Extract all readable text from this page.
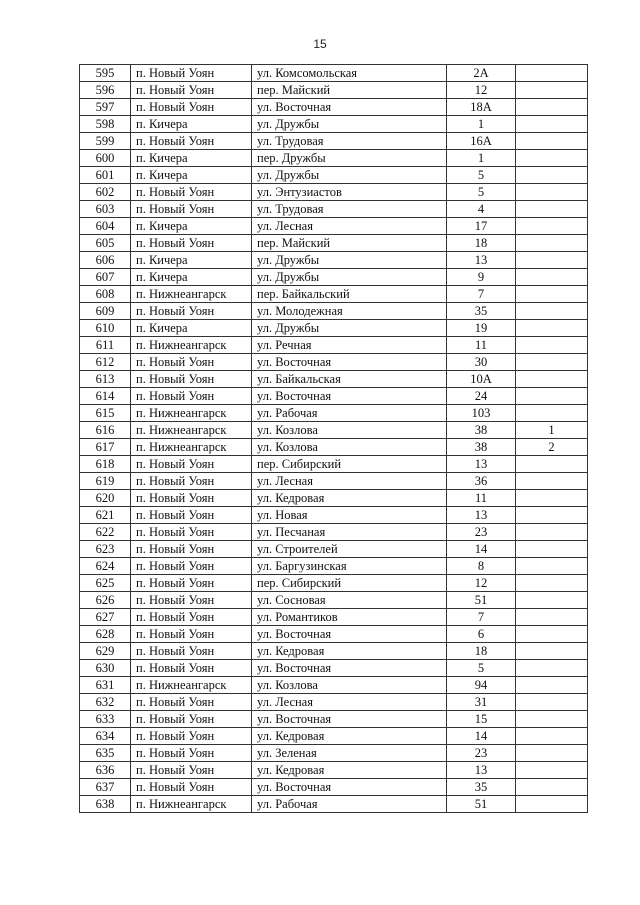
15
595	п. Новый Уоян	ул. Комсомольская	2А	
596	п. Новый Уоян	пер. Майский	12	
597	п. Новый Уоян	ул. Восточная	18А	
598	п. Кичера	ул. Дружбы	1	
599	п. Новый Уоян	ул. Трудовая	16А	
600	п. Кичера	пер. Дружбы	1	
601	п. Кичера	ул. Дружбы	5	
602	п. Новый Уоян	ул. Энтузиастов	5	
603	п. Новый Уоян	ул. Трудовая	4	
604	п. Кичера	ул. Лесная	17	
605	п. Новый Уоян	пер. Майский	18	
606	п. Кичера	ул. Дружбы	13	
607	п. Кичера	ул. Дружбы	9	
608	п. Нижнеангарск	пер. Байкальский	7	
609	п. Новый Уоян	ул. Молодежная	35	
610	п. Кичера	ул. Дружбы	19	
611	п. Нижнеангарск	ул. Речная	11	
612	п. Новый Уоян	ул. Восточная	30	
613	п. Новый Уоян	ул. Байкальская	10А	
614	п. Новый Уоян	ул. Восточная	24	
615	п. Нижнеангарск	ул. Рабочая	103	
616	п. Нижнеангарск	ул. Козлова	38	1
617	п. Нижнеангарск	ул. Козлова	38	2
618	п. Новый Уоян	пер. Сибирский	13	
619	п. Новый Уоян	ул. Лесная	36	
620	п. Новый Уоян	ул. Кедровая	11	
621	п. Новый Уоян	ул. Новая	13	
622	п. Новый Уоян	ул. Песчаная	23	
623	п. Новый Уоян	ул. Строителей	14	
624	п. Новый Уоян	ул. Баргузинская	8	
625	п. Новый Уоян	пер. Сибирский	12	
626	п. Новый Уоян	ул. Сосновая	51	
627	п. Новый Уоян	ул. Романтиков	7	
628	п. Новый Уоян	ул. Восточная	6	
629	п. Новый Уоян	ул. Кедровая	18	
630	п. Новый Уоян	ул. Восточная	5	
631	п. Нижнеангарск	ул. Козлова	94	
632	п. Новый Уоян	ул. Лесная	31	
633	п. Новый Уоян	ул. Восточная	15	
634	п. Новый Уоян	ул. Кедровая	14	
635	п. Новый Уоян	ул. Зеленая	23	
636	п. Новый Уоян	ул. Кедровая	13	
637	п. Новый Уоян	ул. Восточная	35	
638	п. Нижнеангарск	ул. Рабочая	51	
